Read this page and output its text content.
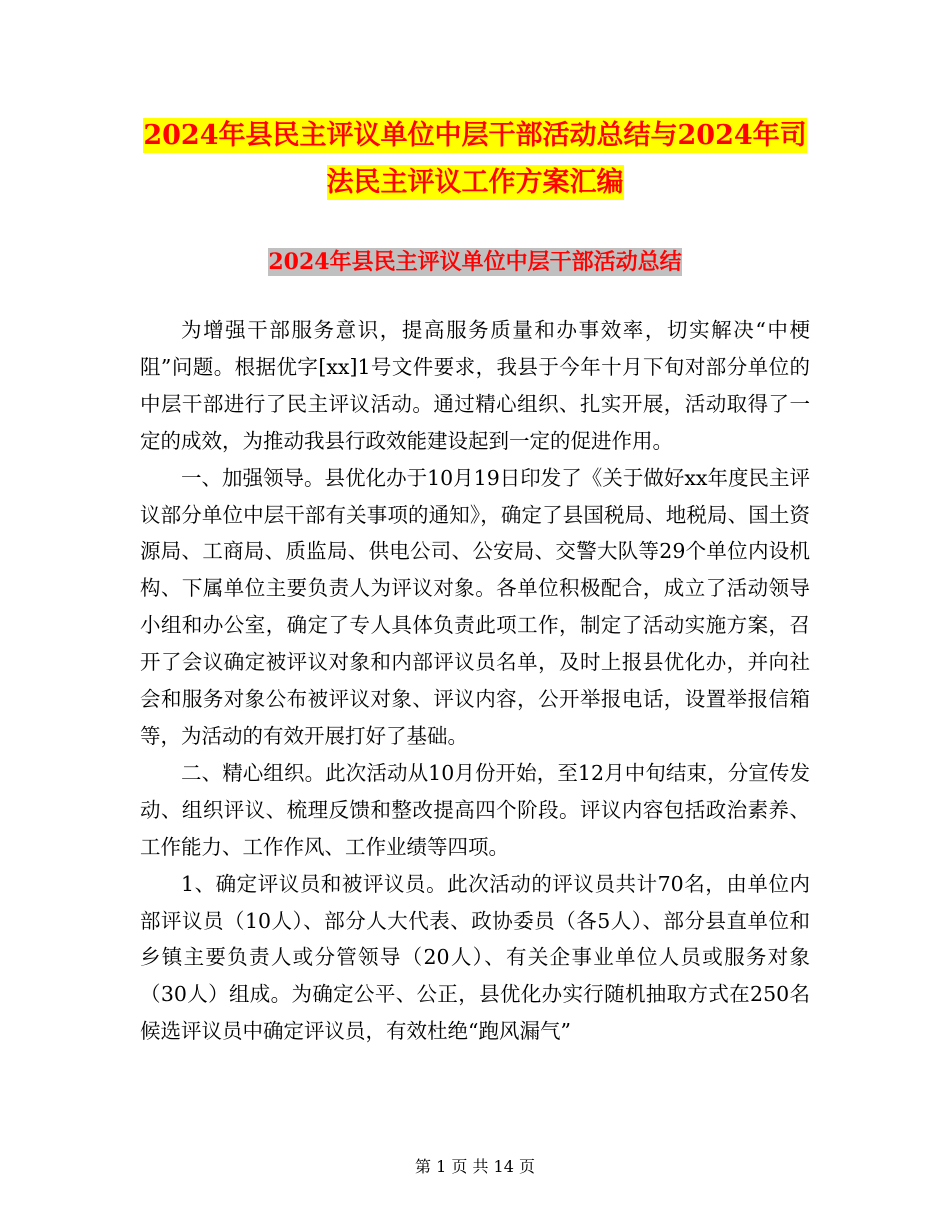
2024年县民主评议单位中层干部活动总结与2024年司法民主评议工作方案汇编
2024年县民主评议单位中层干部活动总结

为增强干部服务意识，提高服务质量和办事效率，切实解决“中梗阻”问题。根据优字[xx]1号文件要求，我县于今年十月下旬对部分单位的中层干部进行了民主评议活动。通过精心组织、扎实开展，活动取得了一定的成效，为推动我县行政效能建设起到一定的促进作用。

一、加强领导。县优化办于10月19日印发了《关于做好xx年度民主评议部分单位中层干部有关事项的通知》，确定了县国税局、地税局、国土资源局、工商局、质监局、供电公司、公安局、交警大队等29个单位内设机构、下属单位主要负责人为评议对象。各单位积极配合，成立了活动领导小组和办公室，确定了专人具体负责此项工作，制定了活动实施方案，召开了会议确定被评议对象和内部评议员名单，及时上报县优化办，并向社会和服务对象公布被评议对象、评议内容，公开举报电话，设置举报信箱等，为活动的有效开展打好了基础。

二、精心组织。此次活动从10月份开始，至12月中旬结束，分宣传发动、组织评议、梳理反馈和整改提高四个阶段。评议内容包括政治素养、工作能力、工作作风、工作业绩等四项。

1、确定评议员和被评议员。此次活动的评议员共计70名，由单位内部评议员（10人）、部分人大代表、政协委员（各5人）、部分县直单位和乡镇主要负责人或分管领导（20人）、有关企事业单位人员或服务对象（30人）组成。为确定公平、公正，县优化办实行随机抽取方式在250名候选评议员中确定评议员，有效杜绝“跑风漏气”

第 1 页 共 14 页
